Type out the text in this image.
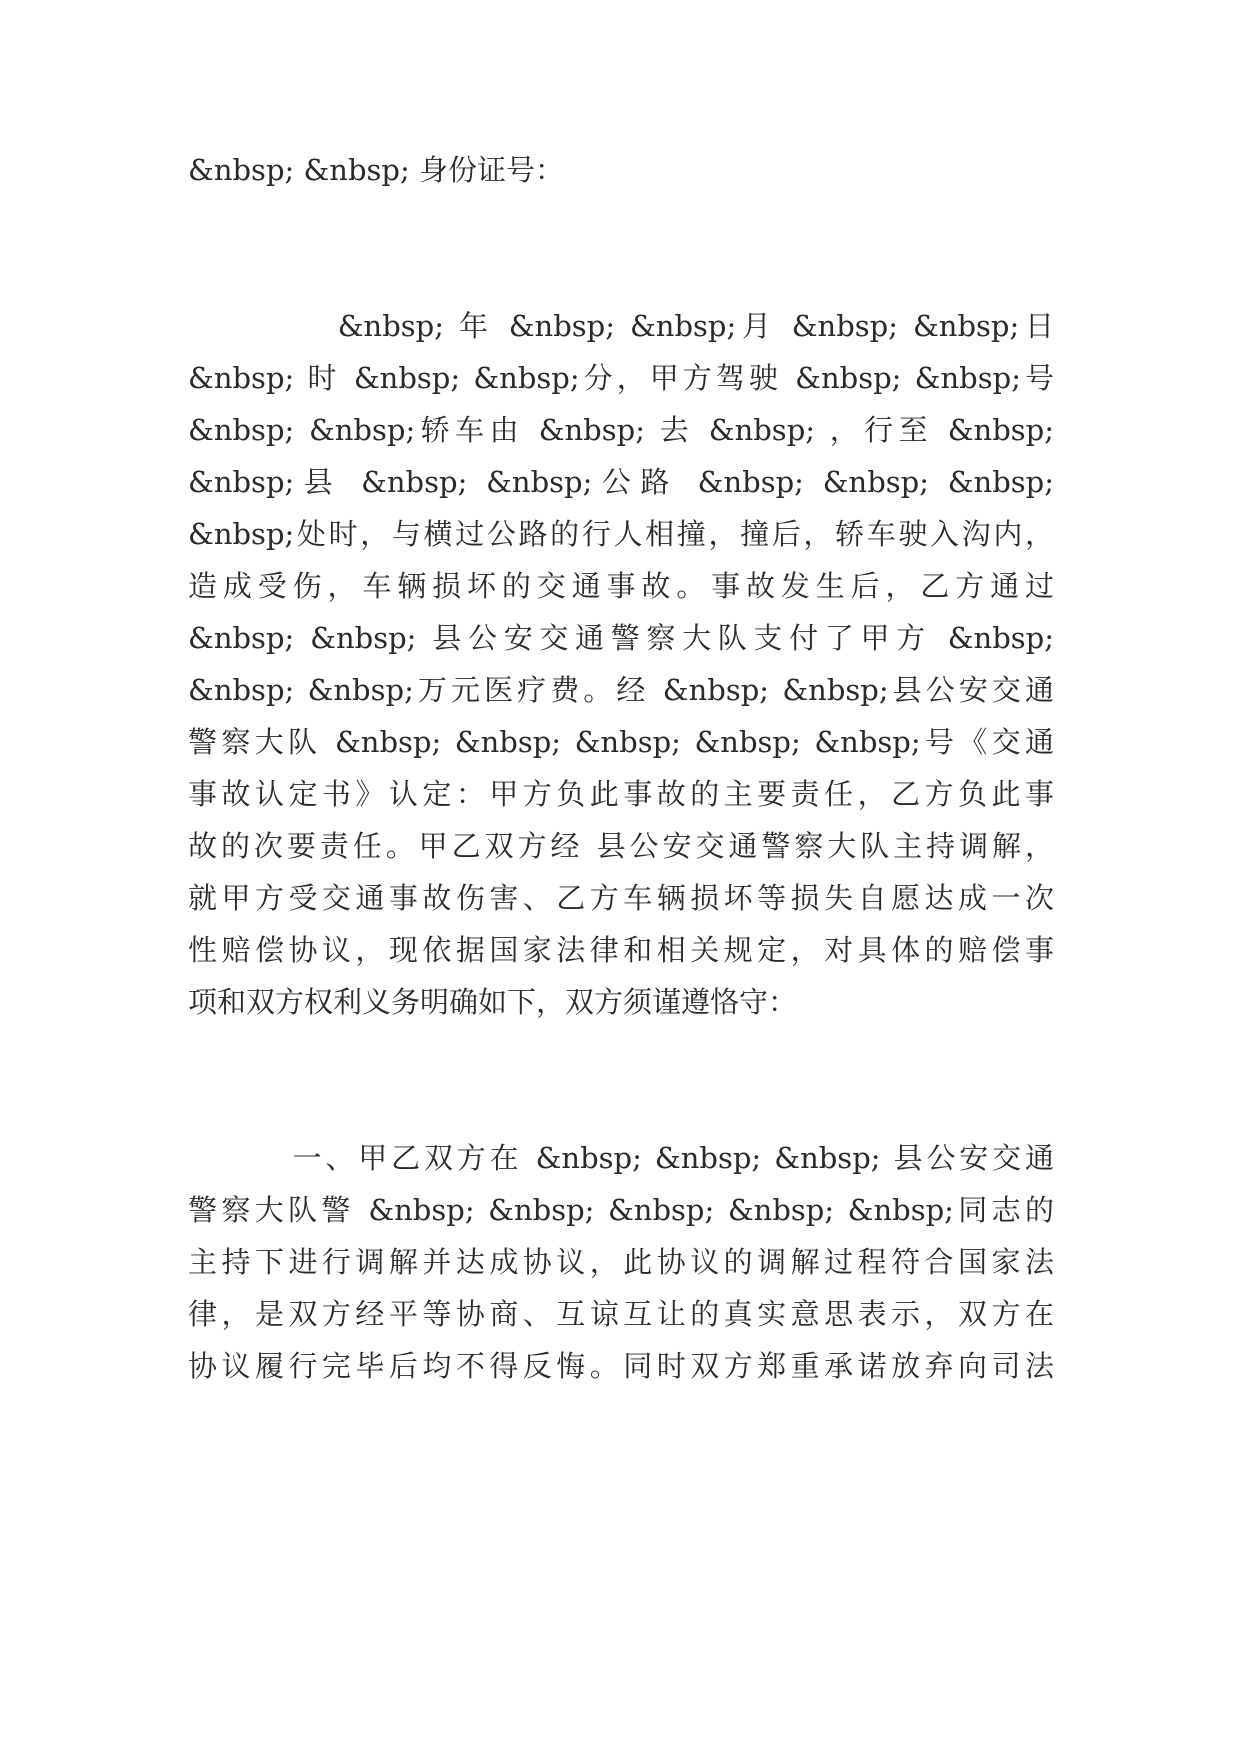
&nbsp; &nbsp; 身份证号：
&nbsp; 年 &nbsp; &nbsp;月 &nbsp; &nbsp;日
&nbsp; 时 &nbsp; &nbsp;分，甲方驾驶 &nbsp; &nbsp;号
&nbsp; &nbsp;轿车由 &nbsp; 去 &nbsp; ，行至 &nbsp;
&nbsp;县 &nbsp; &nbsp;公路 &nbsp; &nbsp; &nbsp;
&nbsp;处时，与横过公路的行人相撞，撞后，轿车驶入沟内，
造成受伤，车辆损坏的交通事故。事故发生后，乙方通过
&nbsp; &nbsp; 县公安交通警察大队支付了甲方 &nbsp;
&nbsp; &nbsp;万元医疗费。经 &nbsp; &nbsp;县公安交通
警察大队 &nbsp; &nbsp; &nbsp; &nbsp; &nbsp;号《交通
事故认定书》认定：甲方负此事故的主要责任，乙方负此事
故的次要责任。甲乙双方经 县公安交通警察大队主持调解，
就甲方受交通事故伤害、乙方车辆损坏等损失自愿达成一次
性赔偿协议，现依据国家法律和相关规定，对具体的赔偿事
项和双方权利义务明确如下，双方须谨遵恪守：
一、甲乙双方在 &nbsp; &nbsp; &nbsp; 县公安交通
警察大队警 &nbsp; &nbsp; &nbsp; &nbsp; &nbsp;同志的
主持下进行调解并达成协议，此协议的调解过程符合国家法
律，是双方经平等协商、互谅互让的真实意思表示，双方在
协议履行完毕后均不得反悔。同时双方郑重承诺放弃向司法
